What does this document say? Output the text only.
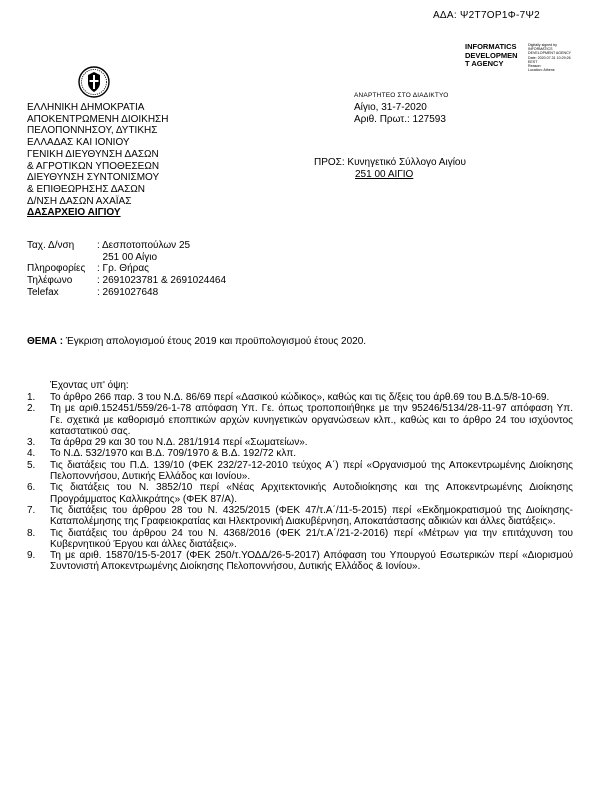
ΑΔΑ: Ψ2Τ7ΟΡ1Φ-7Ψ2
INFORMATICS
DEVELOPMEN
T AGENCY
Digitally signed by
INFORMATICS
DEVELOPMENT AGENCY
Date: 2020.07.31 10:29:26
EEST
Reason:
Location: Athens
ΕΛΛΗΝΙΚΗ ΔΗΜΟΚΡΑΤΙΑ
ΑΠΟΚΕΝΤΡΩΜΕΝΗ ΔΙΟΙΚΗΣΗ
ΠΕΛΟΠΟΝΝΗΣΟΥ, ΔΥΤΙΚΗΣ
ΕΛΛΑΔΑΣ ΚΑΙ ΙΟΝΙΟΥ
ΓΕΝΙΚΗ ΔΙΕΥΘΥΝΣΗ ΔΑΣΩΝ
& ΑΓΡΟΤΙΚΩΝ ΥΠΟΘΕΣΕΩΝ
ΔΙΕΥΘΥΝΣΗ ΣΥΝΤΟΝΙΣΜΟΥ
& ΕΠΙΘΕΩΡΗΣΗΣ ΔΑΣΩΝ
Δ/ΝΣΗ ΔΑΣΩΝ ΑΧΑΪΑΣ
ΔΑΣΑΡΧΕΙΟ ΑΙΓΙΟΥ
ΑΝΑΡΤΗΤΕΟ ΣΤΟ ΔΙΑΔΙΚΤΥΟ
Αίγιο, 31-7-2020
Αριθ. Πρωτ.: 127593
ΠΡΟΣ: Κυνηγετικό Σύλλογο Αιγίου
251 00 ΑΙΓΙΟ
Ταχ. Δ/νση	: Δεσποτοπούλων 25
	251 00 Αίγιο
Πληροφορίες	: Γρ. Θήρας
Τηλέφωνο	: 2691023781 & 2691024464
Telefax	: 2691027648
ΘΕΜΑ : Έγκριση απολογισμού έτους 2019 και προϋπολογισμού έτους 2020.
Έχοντας υπ' όψη:
1. Το άρθρο 266 παρ. 3 του Ν.Δ. 86/69 περί «Δασικού κώδικος», καθώς και τις δ/ξεις του άρθ.69 του Β.Δ.5/8-10-69.
2. Τη με αριθ.152451/559/26-1-78 απόφαση Υπ. Γε. όπως τροποποιήθηκε με την 95246/5134/28-11-97 απόφαση Υπ. Γε. σχετικά με καθορισμό εποπτικών αρχών κυνηγετικών οργανώσεων κλπ., καθώς και το άρθρο 24 του ισχύοντος καταστατικού σας.
3. Τα άρθρα 29 και 30 του Ν.Δ. 281/1914 περί «Σωματείων».
4. Το Ν.Δ. 532/1970 και Β.Δ. 709/1970 & Β.Δ. 192/72 κλπ.
5. Τις διατάξεις του Π.Δ. 139/10 (ΦΕΚ 232/27-12-2010 τεύχος Α΄) περί «Οργανισμού της Αποκεντρωμένης Διοίκησης Πελοποννήσου, Δυτικής Ελλάδος και Ιονίου».
6. Τις διατάξεις του Ν. 3852/10 περί «Νέας Αρχιτεκτονικής Αυτοδιοίκησης και της Αποκεντρωμένης Διοίκησης Προγράμματος Καλλικράτης» (ΦΕΚ 87/Α).
7. Τις διατάξεις του άρθρου 28 του Ν. 4325/2015 (ΦΕΚ 47/τ.Α΄/11-5-2015) περί «Εκδημοκρατισμού της Διοίκησης-Καταπολέμησης της Γραφειοκρατίας και Ηλεκτρονική Διακυβέρνηση, Αποκατάστασης αδικιών και άλλες διατάξεις».
8. Τις διατάξεις του άρθρου 24 του Ν. 4368/2016 (ΦΕΚ 21/τ.Α΄/21-2-2016) περί «Μέτρων για την επιτάχυνση του Κυβερνητικού Έργου και άλλες διατάξεις».
9. Τη με αριθ. 15870/15-5-2017 (ΦΕΚ 250/τ.ΥΟΔΔ/26-5-2017) Απόφαση του Υπουργού Εσωτερικών περί «Διορισμού Συντονιστή Αποκεντρωμένης Διοίκησης Πελοποννήσου, Δυτικής Ελλάδος & Ιονίου».
